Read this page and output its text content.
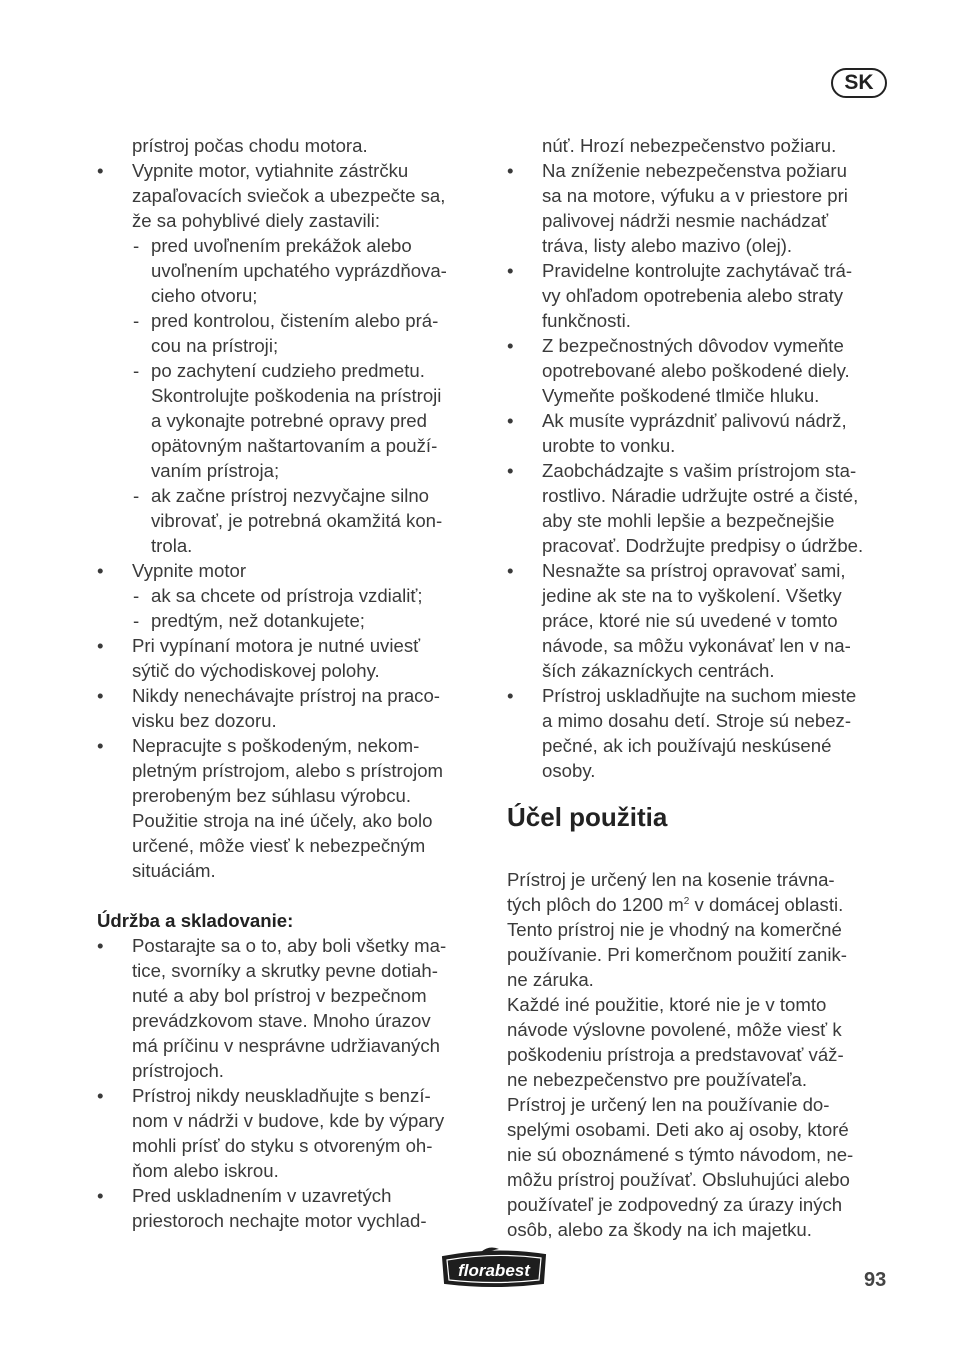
SK
prístroj počas chodu motora.
• Vypnite motor, vytiahnite zástrčku
zapaľovacích sviečok a ubezpečte sa,
že sa pohyblivé diely zastavili:
- pred uvoľnením prekážok alebo
uvoľnením upchatého vyprázdňova-
cieho otvoru;
- pred kontrolou, čistením alebo prá-
cou na prístroji;
- po zachytení cudzieho predmetu.
Skontrolujte poškodenia na prístroji
a vykonajte potrebné opravy pred
opätovným naštartovaním a použí-
vaním prístroja;
- ak začne prístroj nezvyčajne silno
vibrovať, je potrebná okamžitá kon-
trola.
• Vypnite motor
- ak sa chcete od prístroja vzdialiť;
- predtým, než dotankujete;
• Pri vypínaní motora je nutné uviesť
sýtič do východiskovej polohy.
• Nikdy nenechávajte prístroj na praco-
visku bez dozoru.
• Nepracujte s poškodeným, nekom-
pletným prístrojom, alebo s prístrojom
prerobeným bez súhlasu výrobcu.
Použitie stroja na iné účely, ako bolo
určené, môže viesť k nebezpečným
situáciám.
Údržba a skladovanie:
• Postarajte sa o to, aby boli všetky ma-
tice, svorníky a skrutky pevne dotiah-
nuté a aby bol prístroj v bezpečnom
prevádzkovom stave. Mnoho úrazov
má príčinu v nesprávne udržiavaných
prístrojoch.
• Prístroj nikdy neuskladňujte s benzí-
nom v nádrži v budove, kde by výpary
mohli prísť do styku s otvoreným oh-
ňom alebo iskrou.
• Pred uskladnením v uzavretých
priestoroch nechajte motor vychlad-
núť. Hrozí nebezpečenstvo požiaru.
• Na zníženie nebezpečenstva požiaru
sa na motore, výfuku a v priestore pri
palivovej nádrži nesmie nachádzať
tráva, listy alebo mazivo (olej).
• Pravidelne kontrolujte zachytávač trá-
vy ohľadom opotrebenia alebo straty
funkčnosti.
• Z bezpečnostných dôvodov vymeňte
opotrebované alebo poškodené diely.
Vymeňte poškodené tlmiče hluku.
• Ak musíte vyprázdniť palivovú nádrž,
urobte to vonku.
• Zaobchádzajte s vašim prístrojom sta-
rostlivo. Náradie udržujte ostré a čisté,
aby ste mohli lepšie a bezpečnejšie
pracovať. Dodržujte predpisy o údržbe.
• Nesnažte sa prístroj opravovať sami,
jedine ak ste na to vyškolení. Všetky
práce, ktoré nie sú uvedené v tomto
návode, sa môžu vykonávať len v na-
ších zákazníckych centrách.
• Prístroj uskladňujte na suchom mieste
a mimo dosahu detí. Stroje sú nebez-
pečné, ak ich používajú neskúsené
osoby.
Účel použitia
Prístroj je určený len na kosenie trávna-
tých plôch do 1200 $m^2$ v domácej oblasti.
Tento prístroj nie je vhodný na komerčné
používanie. Pri komerčnom použití zanik-
ne záruka.
Každé iné použitie, ktoré nie je v tomto
návode výslovne povolené, môže viesť k
poškodeniu prístroja a predstavovať váž-
ne nebezpečenstvo pre používateľa.
Prístroj je určený len na používanie do-
spelými osobami. Deti ako aj osoby, ktoré
nie sú oboznámené s týmto návodom, ne-
môžu prístroj používať. Obsluhujúci alebo
používateľ je zodpovedný za úrazy iných
osôb, alebo za škody na ich majetku.
florabest	93
